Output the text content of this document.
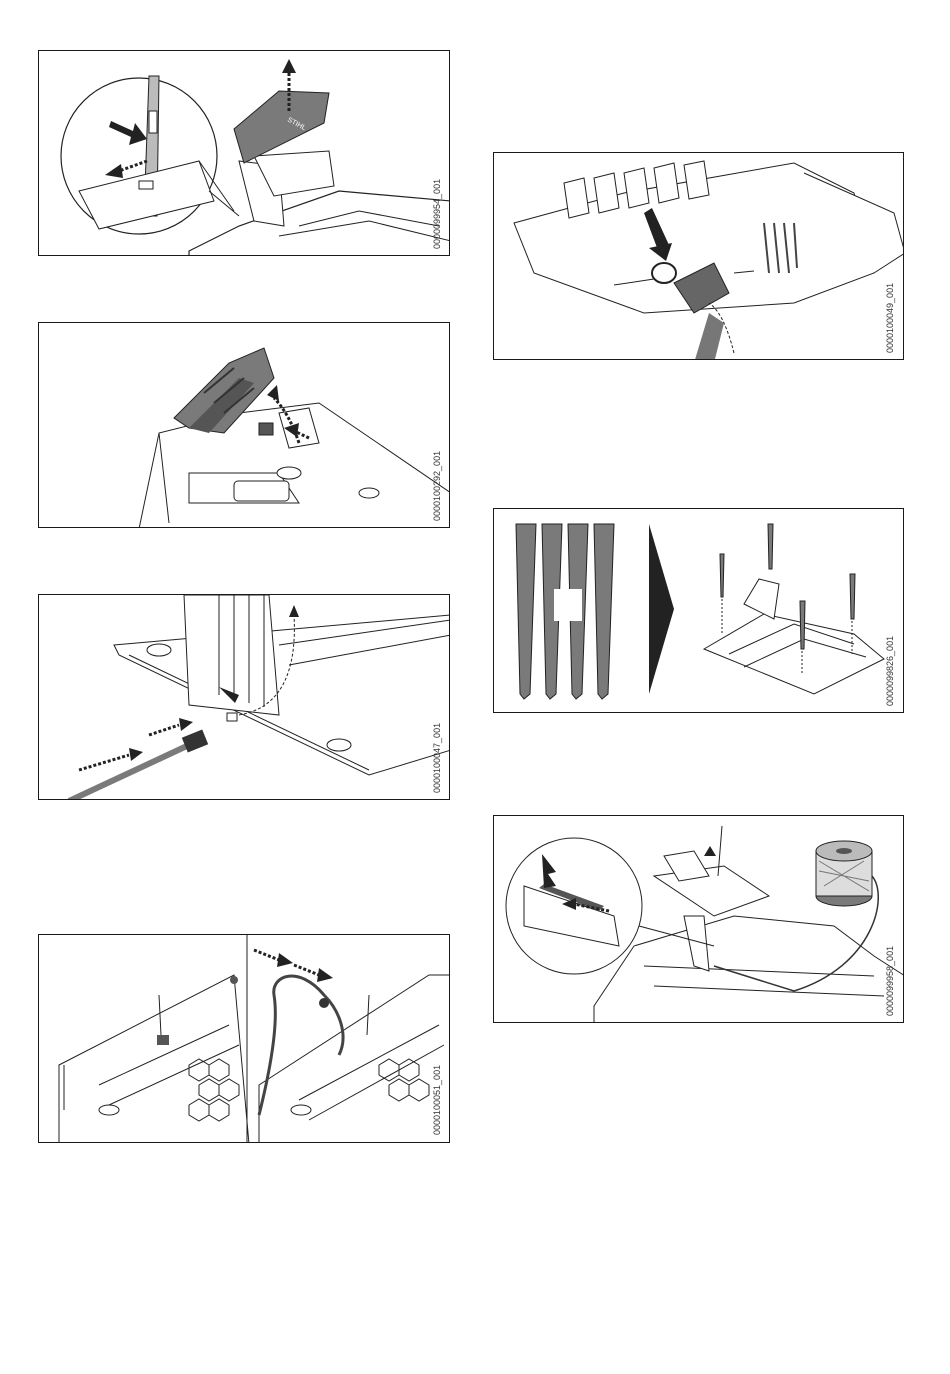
STIHL
0000099954_001
0000100292_001
0000100047_001
0000100051_001
0000100049_001
0000099826_001
0000099958_001
